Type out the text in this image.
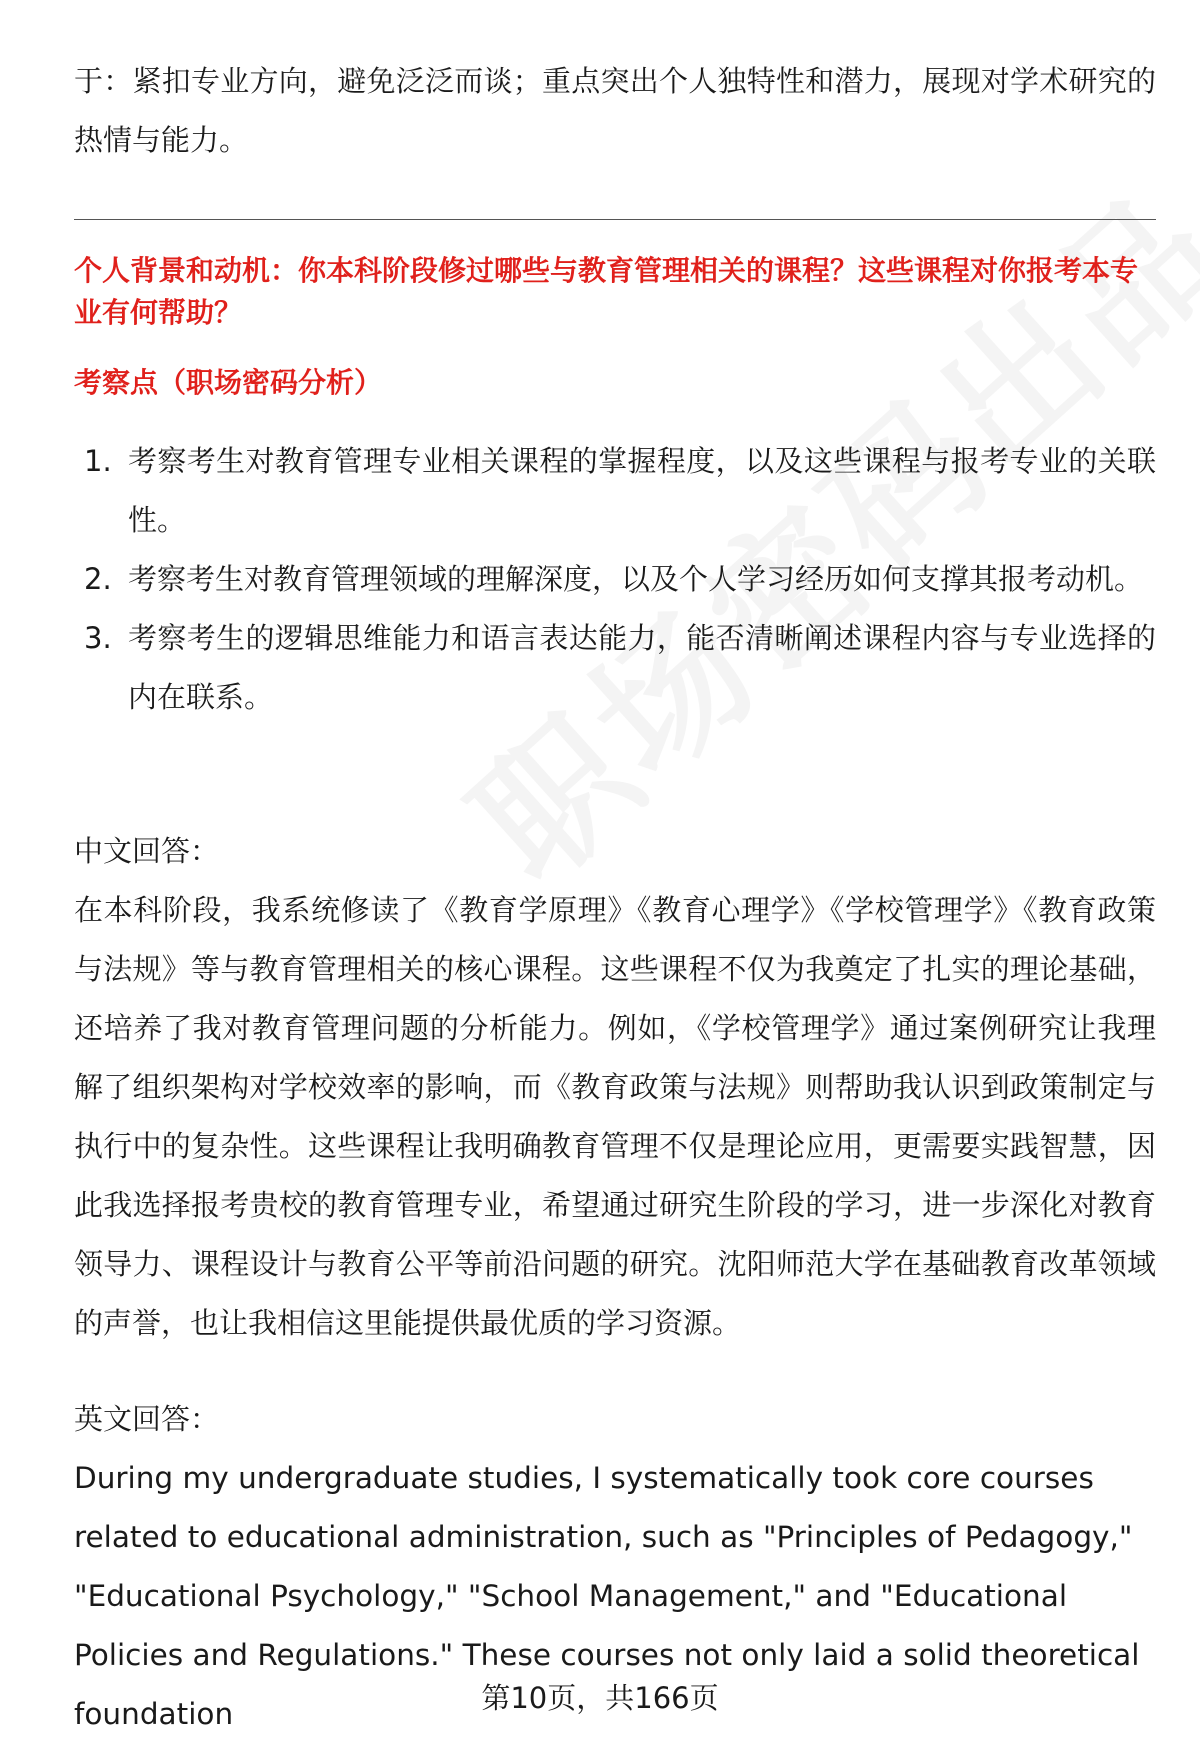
于：紧扣专业方向，避免泛泛而谈；重点突出个人独特性和潜力，展现对学术研究的热情与能力。

个人背景和动机：你本科阶段修过哪些与教育管理相关的课程？这些课程对你报考本专业有何帮助？
考察点（职场密码分析）
1. 考察考生对教育管理专业相关课程的掌握程度，以及这些课程与报考专业的关联性。
2. 考察考生对教育管理领域的理解深度，以及个人学习经历如何支撑其报考动机。
3. 考察考生的逻辑思维能力和语言表达能力，能否清晰阐述课程内容与专业选择的内在联系。

中文回答：

在本科阶段，我系统修读了《教育学原理》《教育心理学》《学校管理学》《教育政策与法规》等与教育管理相关的核心课程。这些课程不仅为我奠定了扎实的理论基础，还培养了我对教育管理问题的分析能力。例如，《学校管理学》通过案例研究让我理解了组织架构对学校效率的影响，而《教育政策与法规》则帮助我认识到政策制定与执行中的复杂性。这些课程让我明确教育管理不仅是理论应用，更需要实践智慧，因此我选择报考贵校的教育管理专业，希望通过研究生阶段的学习，进一步深化对教育领导力、课程设计与教育公平等前沿问题的研究。沈阳师范大学在基础教育改革领域的声誉，也让我相信这里能提供最优质的学习资源。

英文回答：

During my undergraduate studies, I systematically took core courses related to educational administration, such as "Principles of Pedagogy," "Educational Psychology," "School Management," and "Educational Policies and Regulations." These courses not only laid a solid theoretical foundation	第10页，共166页
